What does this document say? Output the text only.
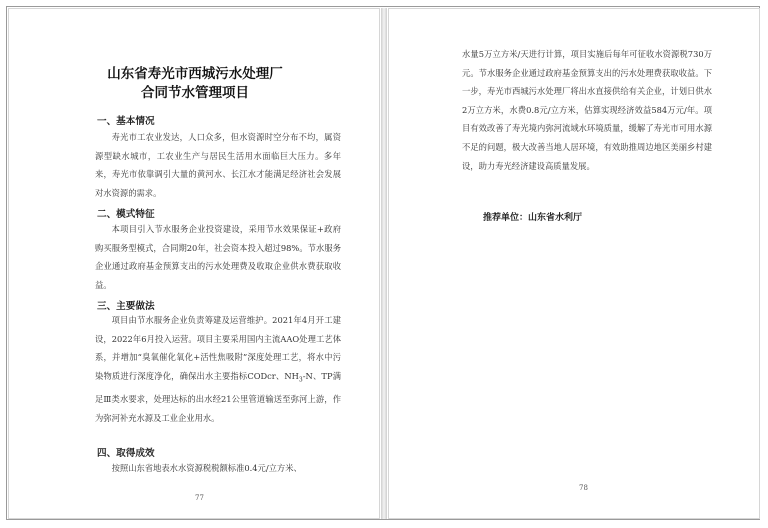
山东省寿光市西城污水处理厂
合同节水管理项目
一、基本情况

寿光市工农业发达，人口众多，但水资源时空分布不均，属资源型缺水城市，工农业生产与居民生活用水面临巨大压力。多年来，寿光市依靠调引大量的黄河水、长江水才能满足经济社会发展对水资源的需求。

二、模式特征

本项目引入节水服务企业投资建设，采用节水效果保证+政府购买服务型模式，合同期20年，社会资本投入超过98%。节水服务企业通过政府基金预算支出的污水处理费及收取企业供水费获取收益。

三、主要做法

项目由节水服务企业负责筹建及运营维护。2021年4月开工建设，2022年6月投入运营。项目主要采用国内主流AAO处理工艺体系，并增加“臭氧催化氧化+活性焦吸附”深度处理工艺，将水中污染物质进行深度净化，确保出水主要指标CODcr、$NH_3-N$、TP满足Ⅲ类水要求，处理达标的出水经21公里管道输送至弥河上游，作为弥河补充水源及工业企业用水。

四、取得成效

按照山东省地表水水资源税税额标准0.4元/立方米、

77

水量5万立方米/天进行计算，项目实施后每年可征收水资源税730万元。节水服务企业通过政府基金预算支出的污水处理费获取收益。下一步，寿光市西城污水处理厂将出水直接供给有关企业，计划日供水2万立方米，水费0.8元/立方米，估算实现经济效益584万元/年。项目有效改善了寿光境内弥河流域水环境质量，缓解了寿光市可用水源不足的问题，极大改善当地人居环境，有效助推周边地区美丽乡村建设，助力寿光经济建设高质量发展。

推荐单位：山东省水利厅
78
